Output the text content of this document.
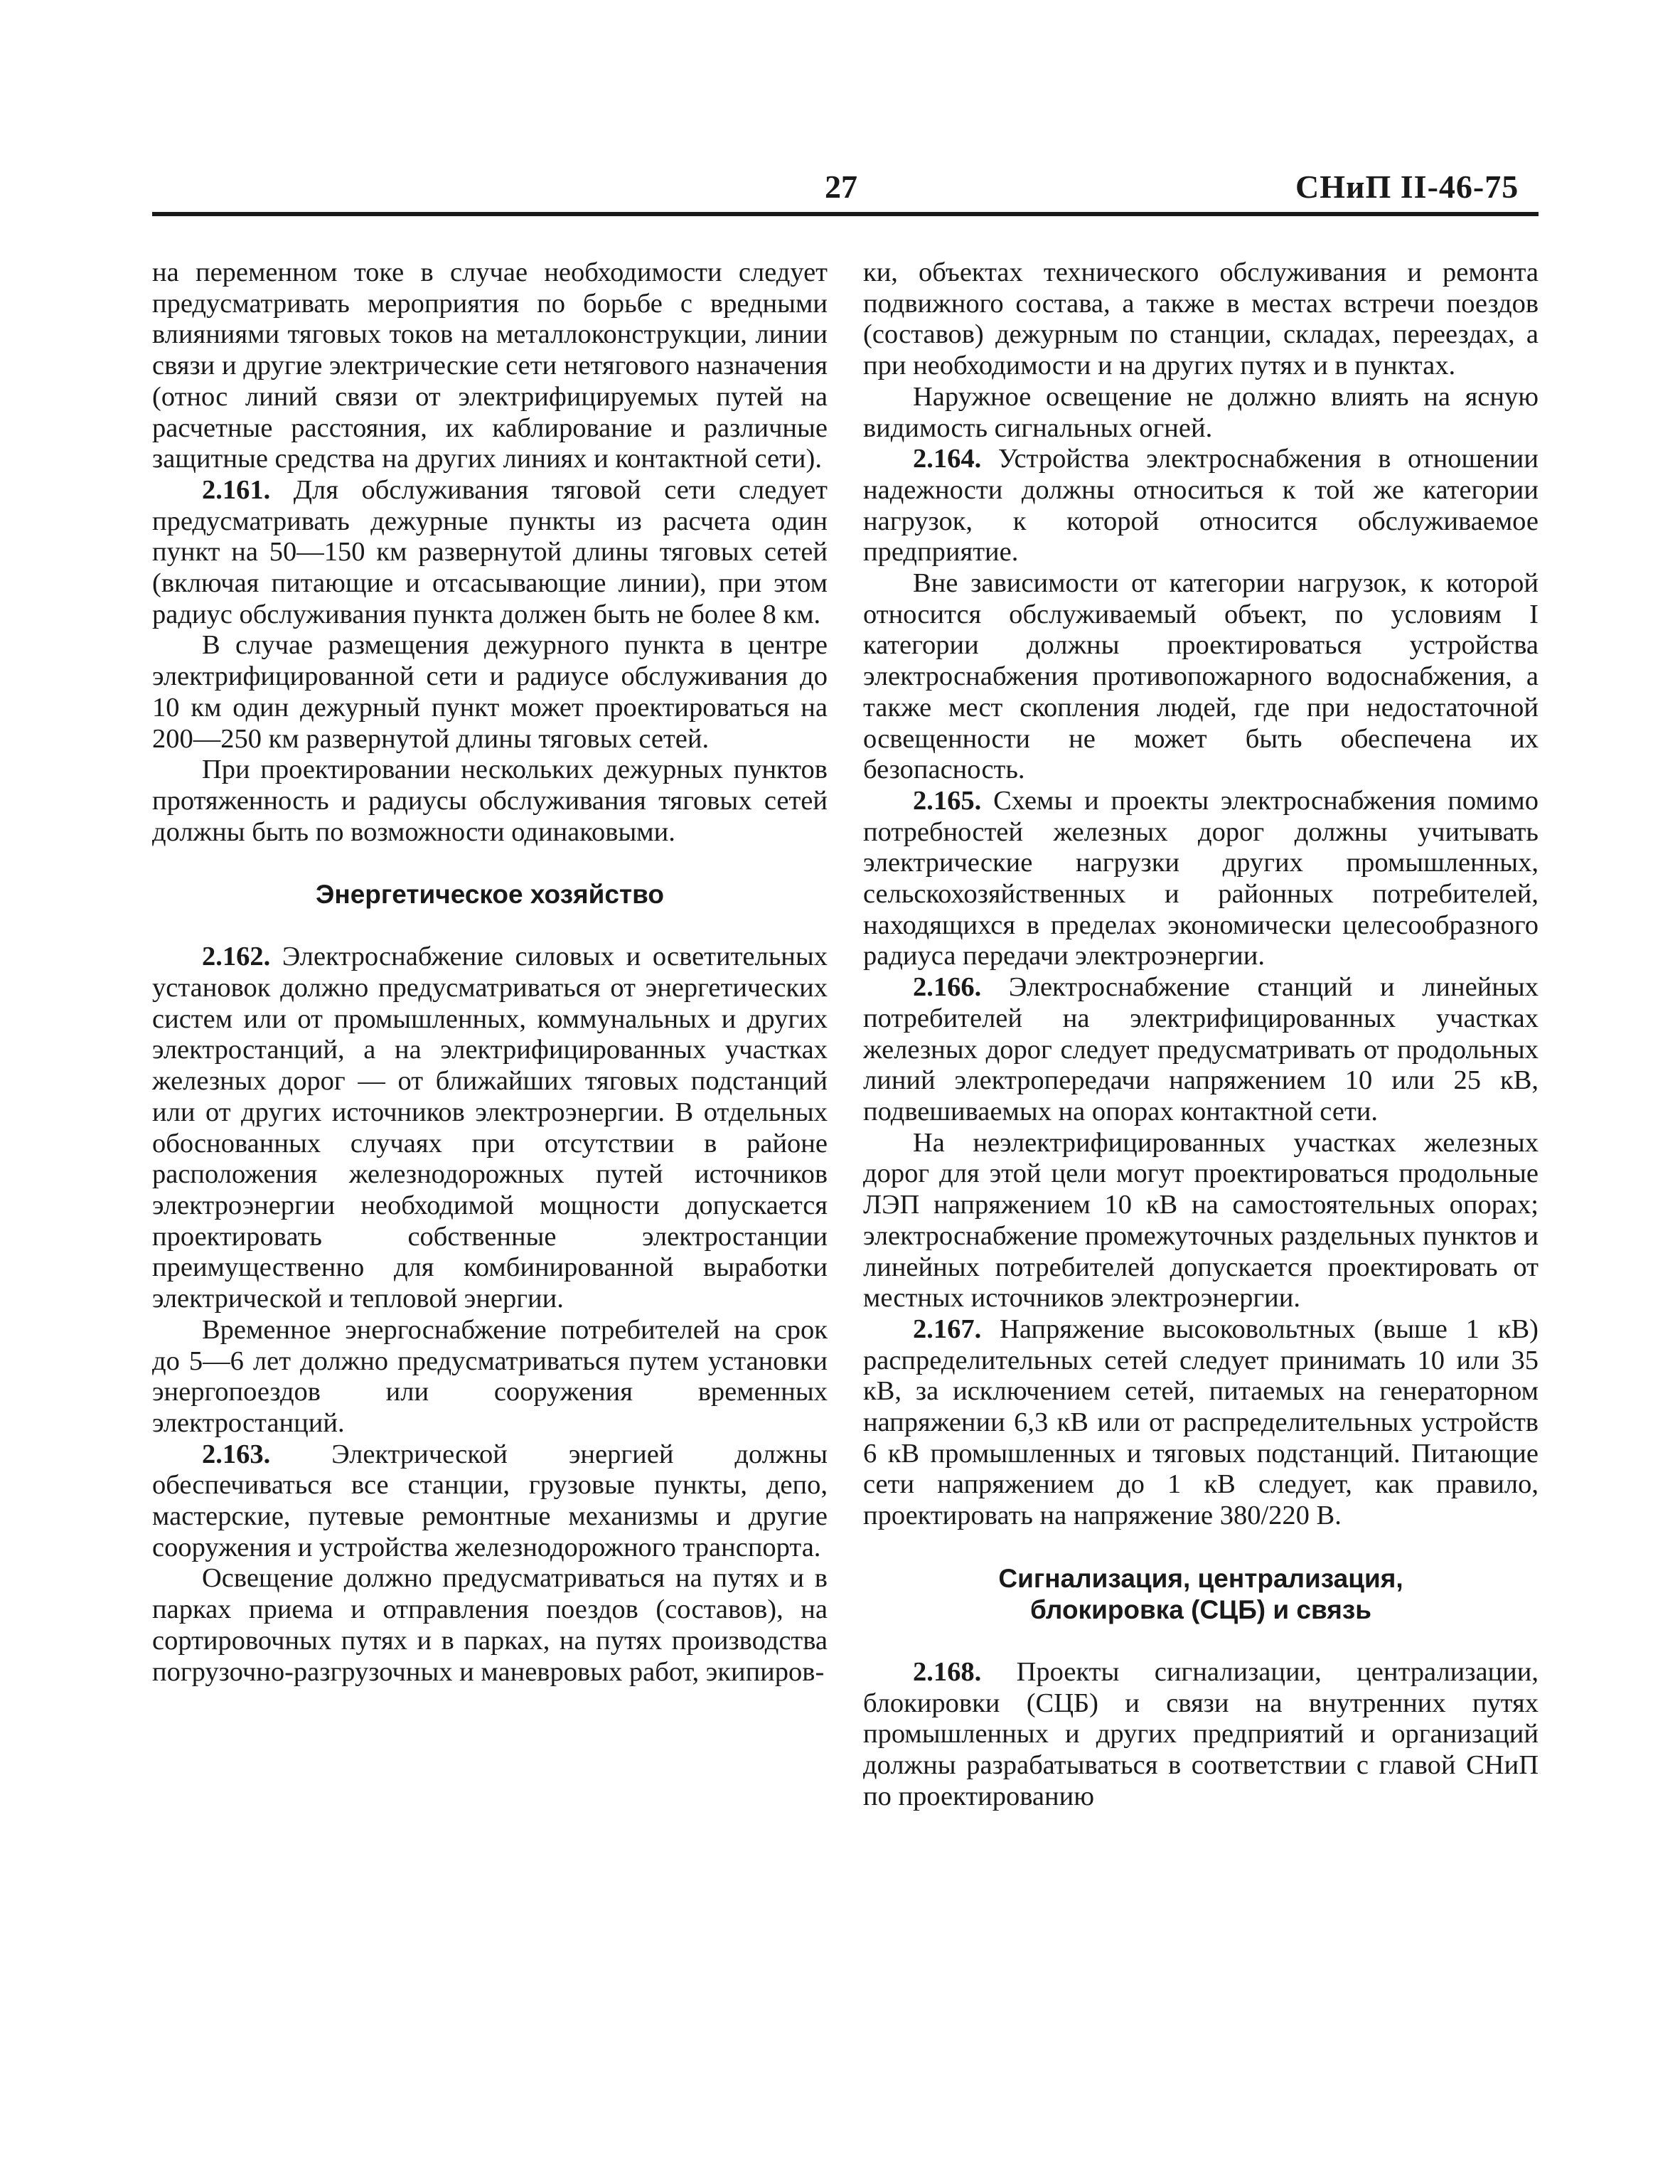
27	СНиП II-46-75

на переменном токе в случае необходимости следует предусматривать мероприятия по борьбе с вредными влияниями тяговых токов на металлоконструкции, линии связи и другие электрические сети нетягового назначения (относ линий связи от электрифицируемых путей на расчетные расстояния, их каблирование и различные защитные средства на других линиях и контактной сети).

2.161. Для обслуживания тяговой сети следует предусматривать дежурные пункты из расчета один пункт на 50—150 км развернутой длины тяговых сетей (включая питающие и отсасывающие линии), при этом радиус обслуживания пункта должен быть не более 8 км.

В случае размещения дежурного пункта в центре электрифицированной сети и радиусе обслуживания до 10 км один дежурный пункт может проектироваться на 200—250 км развернутой длины тяговых сетей.

При проектировании нескольких дежурных пунктов протяженность и радиусы обслуживания тяговых сетей должны быть по возможности одинаковыми.

Энергетическое хозяйство

2.162. Электроснабжение силовых и осветительных установок должно предусматриваться от энергетических систем или от промышленных, коммунальных и других электростанций, а на электрифицированных участках железных дорог — от ближайших тяговых подстанций или от других источников электроэнергии. В отдельных обоснованных случаях при отсутствии в районе расположения железнодорожных путей источников электроэнергии необходимой мощности допускается проектировать собственные электростанции преимущественно для комбинированной выработки электрической и тепловой энергии.

Временное энергоснабжение потребителей на срок до 5—6 лет должно предусматриваться путем установки энергопоездов или сооружения временных электростанций.

2.163. Электрической энергией должны обеспечиваться все станции, грузовые пункты, депо, мастерские, путевые ремонтные механизмы и другие сооружения и устройства железнодорожного транспорта.

Освещение должно предусматриваться на путях и в парках приема и отправления поездов (составов), на сортировочных путях и в парках, на путях производства погрузочно-разгрузочных и маневровых работ, экипиров-

ки, объектах технического обслуживания и ремонта подвижного состава, а также в местах встречи поездов (составов) дежурным по станции, складах, переездах, а при необходимости и на других путях и в пунктах.

Наружное освещение не должно влиять на ясную видимость сигнальных огней.

2.164. Устройства электроснабжения в отношении надежности должны относиться к той же категории нагрузок, к которой относится обслуживаемое предприятие.

Вне зависимости от категории нагрузок, к которой относится обслуживаемый объект, по условиям I категории должны проектироваться устройства электроснабжения противопожарного водоснабжения, а также мест скопления людей, где при недостаточной освещенности не может быть обеспечена их безопасность.

2.165. Схемы и проекты электроснабжения помимо потребностей железных дорог должны учитывать электрические нагрузки других промышленных, сельскохозяйственных и районных потребителей, находящихся в пределах экономически целесообразного радиуса передачи электроэнергии.

2.166. Электроснабжение станций и линейных потребителей на электрифицированных участках железных дорог следует предусматривать от продольных линий электропередачи напряжением 10 или 25 кВ, подвешиваемых на опорах контактной сети.

На неэлектрифицированных участках железных дорог для этой цели могут проектироваться продольные ЛЭП напряжением 10 кВ на самостоятельных опорах; электроснабжение промежуточных раздельных пунктов и линейных потребителей допускается проектировать от местных источников электроэнергии.

2.167. Напряжение высоковольтных (выше 1 кВ) распределительных сетей следует принимать 10 или 35 кВ, за исключением сетей, питаемых на генераторном напряжении 6,3 кВ или от распределительных устройств 6 кВ промышленных и тяговых подстанций. Питающие сети напряжением до 1 кВ следует, как правило, проектировать на напряжение 380/220 В.

Сигнализация, централизация,
блокировка (СЦБ) и связь

2.168. Проекты сигнализации, централизации, блокировки (СЦБ) и связи на внутренних путях промышленных и других предприятий и организаций должны разрабатываться в соответствии с главой СНиП по проектированию
